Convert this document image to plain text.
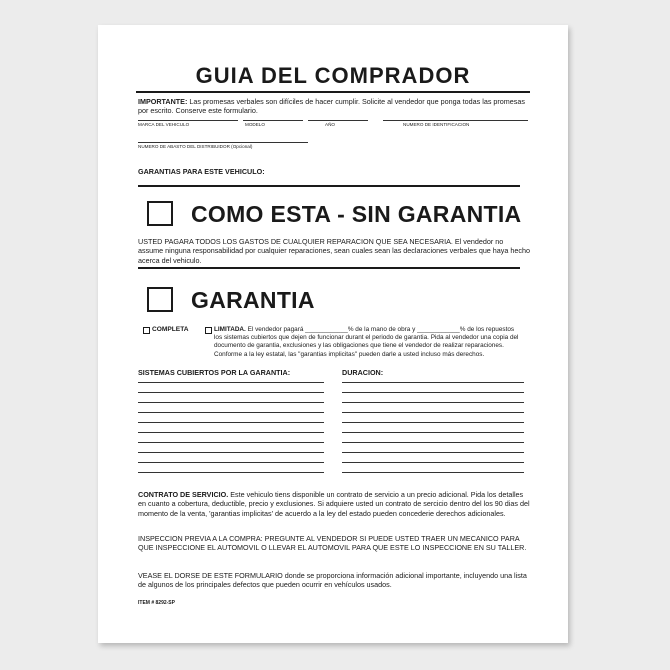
GUIA DEL COMPRADOR
IMPORTANTE: Las promesas verbales son difíciles de hacer cumplir. Solicite al vendedor que ponga todas las promesas por escrito. Conserve este formulario.
MARCA DEL VEHICULO	MODELO	AÑO	NUMERO DE IDENTIFICACION
NUMERO DE ABASTO DEL DISTRIBUIDOR (Opcional)
GARANTIAS PARA ESTE VEHICULO:
COMO ESTA - SIN GARANTIA
USTED PAGARA TODOS LOS GASTOS DE CUALQUIER REPARACION QUE SEA NECESARIA. El vendedor no assume ninguna responsabilidad por cualquier reparaciones, sean cuales sean las declaraciones verbales que haya hecho acerca del vehiculo.
GARANTIA
COMPLETA	LIMITADA. El vendedor pagará ____________% de la mano de obra y ____________% de los repuestos los sistemas cubiertos que dejen de funcionar durant el periodo de garantia. Pida al vendedor una copia del documento de garantia, exclusiones y las obligaciones que tiene el vendedor de realizar reparaciones. Conforme a la ley estatal, las "garantias implicitas" pueden darle a usted incluso más derechos.
SISTEMAS CUBIERTOS POR LA GARANTIA:	DURACION:
CONTRATO DE SERVICIO. Este vehiculo tiens disponible un contrato de servicio a un precio adicional. Pida los detalles en cuanto a cobertura, deductible, precio y exclusiones. Si adquiere usted un contrato de sercicio dentro del los 90 dias del momento de la venta, 'garantias implicitas' de acuerdo a la ley del estado pueden concederie derechos adicionales.
INSPECCION PREVIA A LA COMPRA: PREGUNTE AL VENDEDOR SI PUEDE USTED TRAER UN MECANICO PARA QUE INSPECCIONE EL AUTOMOVIL O LLEVAR EL AUTOMOVIL PARA QUE ESTE LO INSPECCIONE EN SU TALLER.
VEASE EL DORSE DE ESTE FORMULARIO donde se proporciona información adicional importante, incluyendo una lista de algunos de los principales defectos que pueden ocurrir en vehículos usados.
ITEM # 8292-SP
